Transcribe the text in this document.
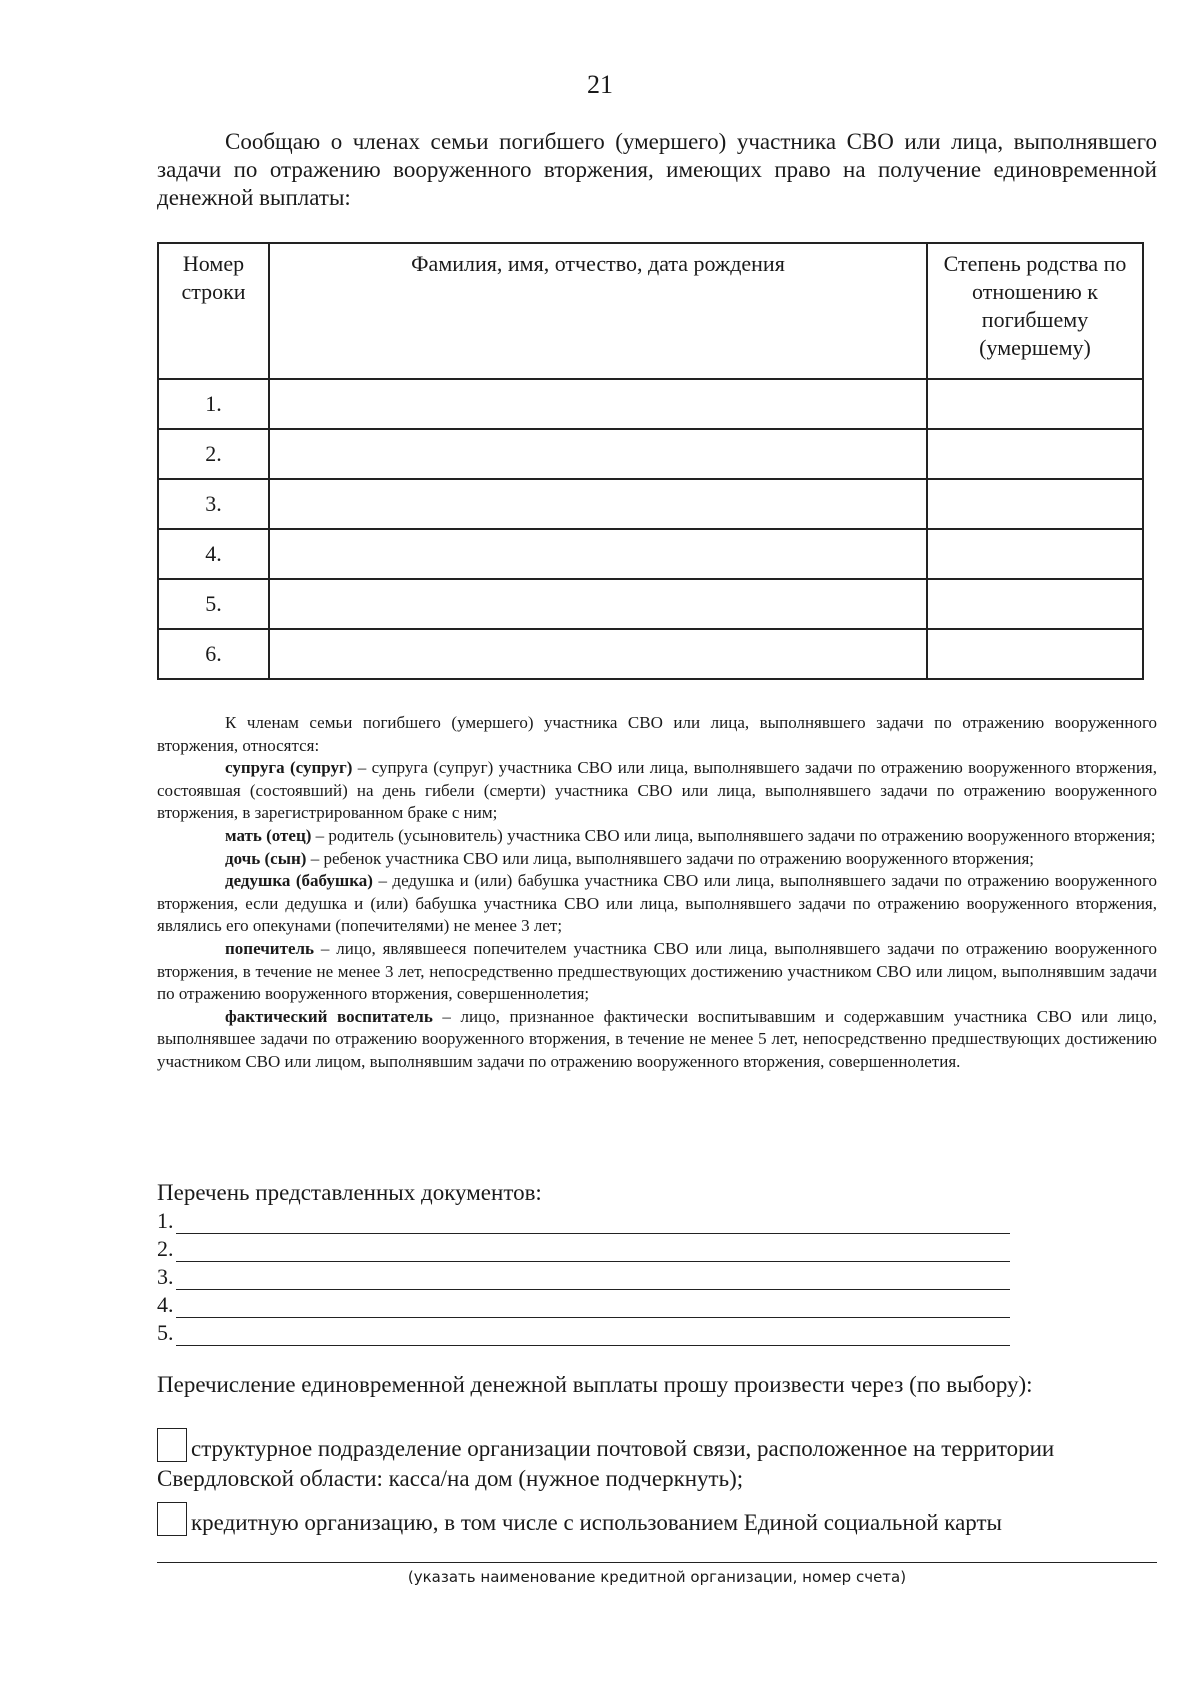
21

Сообщаю о членах семьи погибшего (умершего) участника СВО или лица, выполнявшего задачи по отражению вооруженного вторжения, имеющих право на получение единовременной денежной выплаты:

Номер строки	Фамилия, имя, отчество, дата рождения	Степень родства по отношению к погибшему (умершему)
1.		
2.		
3.		
4.		
5.		
6.		

К членам семьи погибшего (умершего) участника СВО или лица, выполнявшего задачи по отражению вооруженного вторжения, относятся:

супруга (супруг) – супруга (супруг) участника СВО или лица, выполнявшего задачи по отражению вооруженного вторжения, состоявшая (состоявший) на день гибели (смерти) участника СВО или лица, выполнявшего задачи по отражению вооруженного вторжения, в зарегистрированном браке с ним;

мать (отец) – родитель (усыновитель) участника СВО или лица, выполнявшего задачи по отражению вооруженного вторжения;

дочь (сын) – ребенок участника СВО или лица, выполнявшего задачи по отражению вооруженного вторжения;

дедушка (бабушка) – дедушка и (или) бабушка участника СВО или лица, выполнявшего задачи по отражению вооруженного вторжения, если дедушка и (или) бабушка участника СВО или лица, выполнявшего задачи по отражению вооруженного вторжения, являлись его опекунами (попечителями) не менее 3 лет;

попечитель – лицо, являвшееся попечителем участника СВО или лица, выполнявшего задачи по отражению вооруженного вторжения, в течение не менее 3 лет, непосредственно предшествующих достижению участником СВО или лицом, выполнявшим задачи по отражению вооруженного вторжения, совершеннолетия;

фактический воспитатель – лицо, признанное фактически воспитывавшим и содержавшим участника СВО или лицо, выполнявшее задачи по отражению вооруженного вторжения, в течение не менее 5 лет, непосредственно предшествующих достижению участником СВО или лицом, выполнявшим задачи по отражению вооруженного вторжения, совершеннолетия.

Перечень представленных документов:
1.
2.
3.
4.
5.
Перечисление единовременной денежной выплаты прошу произвести через (по выбору):
структурное подразделение организации почтовой связи, расположенное на территории Свердловской области: касса/на дом (нужное подчеркнуть);
кредитную организацию, в том числе с использованием Единой социальной карты
(указать наименование кредитной организации, номер счета)
